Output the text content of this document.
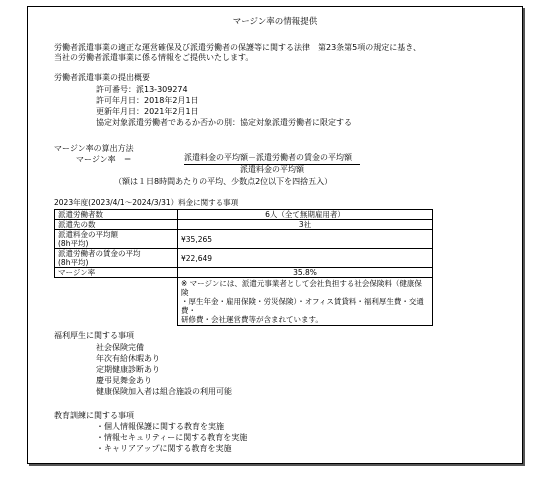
マージン率の情報提供
労働者派遣事業の適正な運営確保及び派遣労働者の保護等に関する法律　第23条第5項の規定に基き、
当社の労働者派遣事業に係る情報をご提供いたします。
労働者派遣事業の提出概要
許可番号：派13-309274
許可年月日：2018年2月1日
更新年月日：2021年2月1日
協定対象派遣労働者であるか否かの別：協定対象派遣労働者に限定する
マージン率の算出方法
マージン率　＝	派遣料金の平均額－派遣労働者の賃金の平均額
派遣料金の平均額
（額は１日8時間あたりの平均、少数点2位以下を四捨五入）
2023年度(2023/4/1～2024/3/31）料金に関する事項
派遣労働者数	6人（全て無期雇用者）
派遣先の数	3社

派遣料金の平均額
(8h平均)	¥35,265

派遣労働者の賃金の平均
(8h平均)	¥22,649
マージン率	35.8%

	※ マージンには、派遣元事業者として会社負担する社会保険料（健康保険
・厚生年金・雇用保険・労災保険）・オフィス賃貸料・福利厚生費・交通費・
研修費・会社運営費等が含まれています。
福利厚生に関する事項
社会保険完備
年次有給休暇あり
定期健康診断あり
慶弔見舞金あり
健康保険加入者は組合施設の利用可能
教育訓練に関する事項
・個人情報保護に関する教育を実施
・情報セキュリティーに関する教育を実施
・キャリアアップに関する教育を実施
